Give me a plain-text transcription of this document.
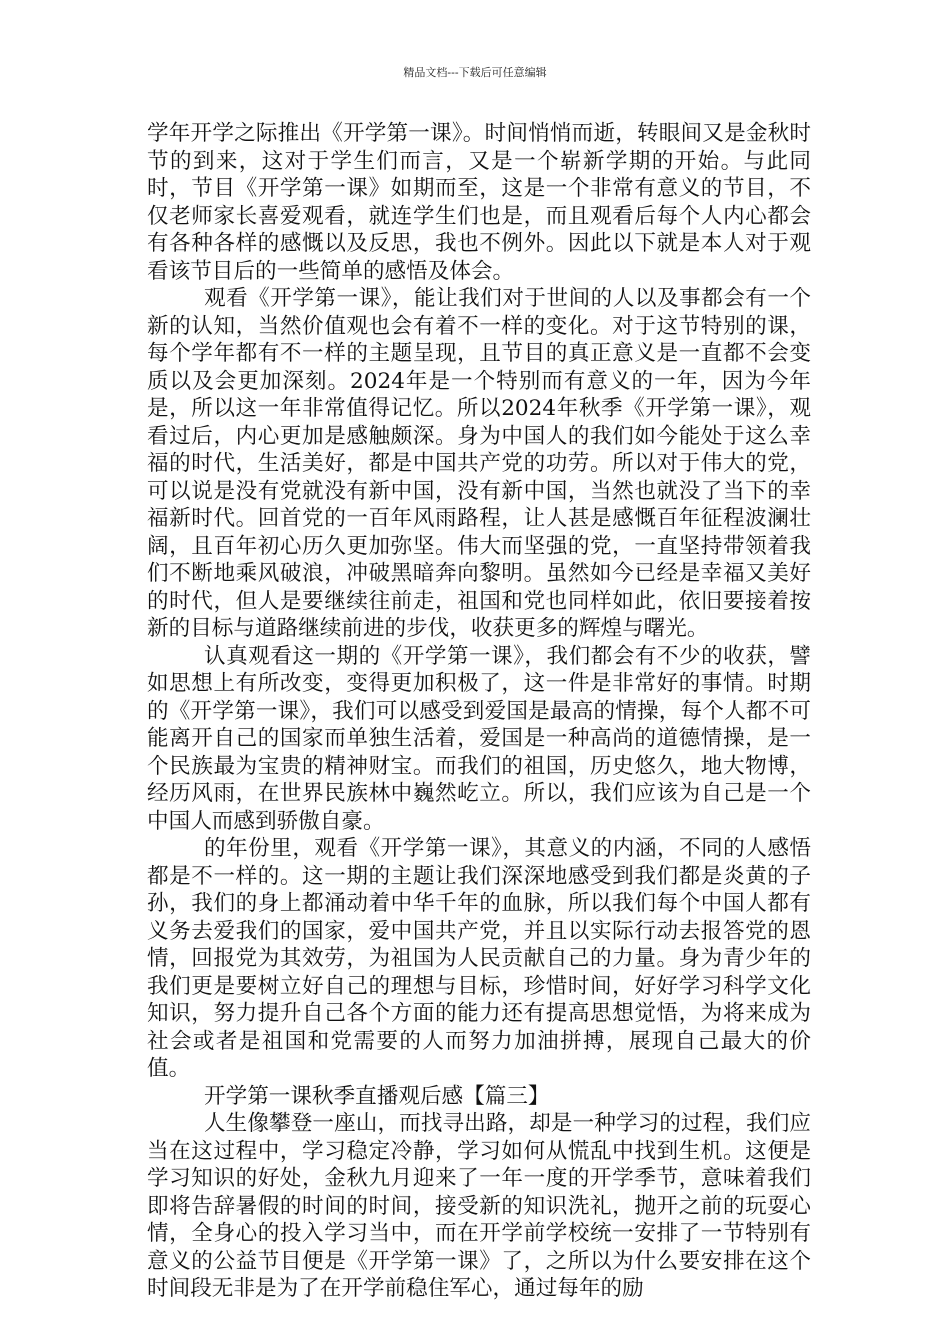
精品文档---下载后可任意编辑

学年开学之际推出《开学第一课》。时间悄悄而逝，转眼间又是金秋时节的到来，这对于学生们而言，又是一个崭新学期的开始。与此同时，节目《开学第一课》如期而至，这是一个非常有意义的节目，不仅老师家长喜爱观看，就连学生们也是，而且观看后每个人内心都会有各种各样的感慨以及反思，我也不例外。因此以下就是本人对于观看该节目后的一些简单的感悟及体会。

观看《开学第一课》，能让我们对于世间的人以及事都会有一个新的认知，当然价值观也会有着不一样的变化。对于这节特别的课，每个学年都有不一样的主题呈现，且节目的真正意义是一直都不会变质以及会更加深刻。2024年是一个特别而有意义的一年，因为今年是，所以这一年非常值得记忆。所以2024年秋季《开学第一课》，观看过后，内心更加是感触颇深。身为中国人的我们如今能处于这么幸福的时代，生活美好，都是中国共产党的功劳。所以对于伟大的党，可以说是没有党就没有新中国，没有新中国，当然也就没了当下的幸福新时代。回首党的一百年风雨路程，让人甚是感慨百年征程波澜壮阔，且百年初心历久更加弥坚。伟大而坚强的党，一直坚持带领着我们不断地乘风破浪，冲破黑暗奔向黎明。虽然如今已经是幸福又美好的时代，但人是要继续往前走，祖国和党也同样如此，依旧要接着按新的目标与道路继续前进的步伐，收获更多的辉煌与曙光。

认真观看这一期的《开学第一课》，我们都会有不少的收获，譬如思想上有所改变，变得更加积极了，这一件是非常好的事情。时期的《开学第一课》，我们可以感受到爱国是最高的情操，每个人都不可能离开自己的国家而单独生活着，爱国是一种高尚的道德情操，是一个民族最为宝贵的精神财宝。而我们的祖国，历史悠久，地大物博，经历风雨，在世界民族林中巍然屹立。所以，我们应该为自己是一个中国人而感到骄傲自豪。

的年份里，观看《开学第一课》，其意义的内涵，不同的人感悟都是不一样的。这一期的主题让我们深深地感受到我们都是炎黄的子孙，我们的身上都涌动着中华千年的血脉，所以我们每个中国人都有义务去爱我们的国家，爱中国共产党，并且以实际行动去报答党的恩情，回报党为其效劳，为祖国为人民贡献自己的力量。身为青少年的我们更是要树立好自己的理想与目标，珍惜时间，好好学习科学文化知识，努力提升自己各个方面的能力还有提高思想觉悟，为将来成为社会或者是祖国和党需要的人而努力加油拼搏，展现自己最大的价值。

开学第一课秋季直播观后感【篇三】

人生像攀登一座山，而找寻出路，却是一种学习的过程，我们应当在这过程中，学习稳定冷静，学习如何从慌乱中找到生机。这便是学习知识的好处，金秋九月迎来了一年一度的开学季节，意味着我们即将告辞暑假的时间的时间，接受新的知识洗礼，抛开之前的玩耍心情，全身心的投入学习当中，而在开学前学校统一安排了一节特别有意义的公益节目便是《开学第一课》了，之所以为什么要安排在这个时间段无非是为了在开学前稳住军心，通过每年的励
